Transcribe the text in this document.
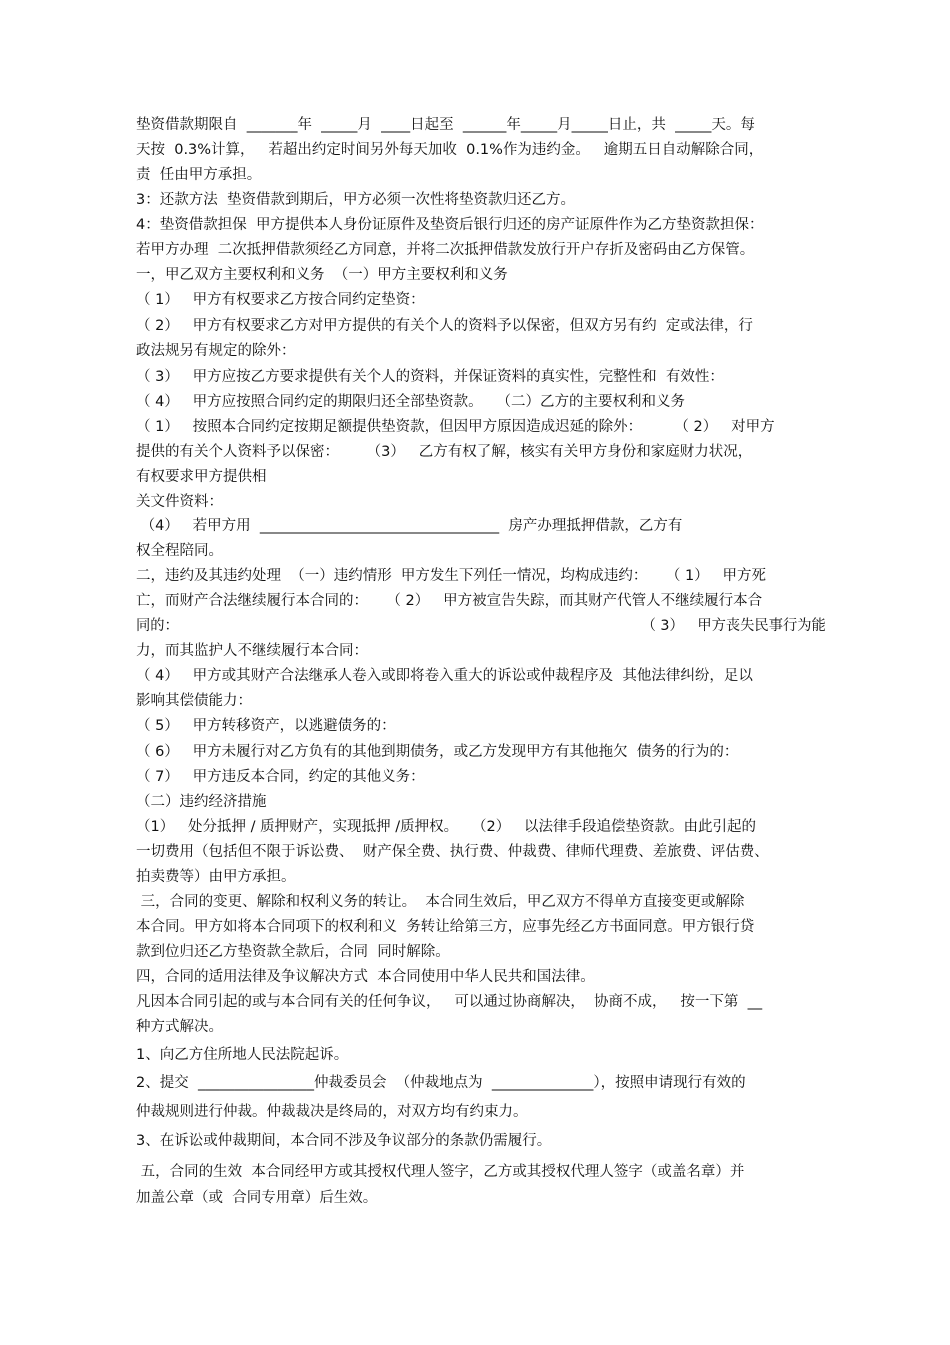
垫资借款期限自  _______年  _____月  ____日起至  ______年_____月_____日止，共  _____天。每
天按  0.3%计算，   若超出约定时间另外每天加收  0.1%作为违约金。   逾期五日自动解除合同，
责  任由甲方承担。
3：还款方法  垫资借款到期后，甲方必须一次性将垫资款归还乙方。
4：垫资借款担保  甲方提供本人身份证原件及垫资后银行归还的房产证原件作为乙方垫资款担保：
若甲方办理  二次抵押借款须经乙方同意，并将二次抵押借款发放行开户存折及密码由乙方保管。
一，甲乙双方主要权利和义务  （一）甲方主要权利和义务
（ 1）   甲方有权要求乙方按合同约定垫资：
（ 2）   甲方有权要求乙方对甲方提供的有关个人的资料予以保密，但双方另有约  定或法律，行
政法规另有规定的除外：
（ 3）   甲方应按乙方要求提供有关个人的资料，并保证资料的真实性，完整性和  有效性：
（ 4）   甲方应按照合同约定的期限归还全部垫资款。   （二）乙方的主要权利和义务
（ 1）   按照本合同约定按期足额提供垫资款，但因甲方原因造成迟延的除外：       （ 2）   对甲方
提供的有关个人资料予以保密：      （3）   乙方有权了解，核实有关甲方身份和家庭财力状况，
有权要求甲方提供相
关文件资料：
（4）   若甲方用  _________________________________  房产办理抵押借款，乙方有
权全程陪同。
二，违约及其违约处理  （一）违约情形  甲方发生下列任一情况，均构成违约：    （ 1）   甲方死
亡，而财产合法继续履行本合同的：    （ 2）   甲方被宣告失踪，而其财产代管人不继续履行本合
同的：                                                                                                      （ 3）   甲方丧失民事行为能
力，而其监护人不继续履行本合同：
（ 4）   甲方或其财产合法继承人卷入或即将卷入重大的诉讼或仲裁程序及  其他法律纠纷，足以
影响其偿债能力：
（ 5）   甲方转移资产，以逃避债务的：
（ 6）   甲方未履行对乙方负有的其他到期债务，或乙方发现甲方有其他拖欠  债务的行为的：
（ 7）   甲方违反本合同，约定的其他义务：
（二）违约经济措施
（1）   处分抵押 / 质押财产，实现抵押 /质押权。   （2）   以法律手段追偿垫资款。由此引起的
一切费用（包括但不限于诉讼费、  财产保全费、执行费、仲裁费、律师代理费、差旅费、评估费、
拍卖费等）由甲方承担。
三，合同的变更、解除和权利义务的转让。  本合同生效后，甲乙双方不得单方直接变更或解除
本合同。甲方如将本合同项下的权利和义  务转让给第三方，应事先经乙方书面同意。甲方银行贷
款到位归还乙方垫资款全款后，合同  同时解除。
四，合同的适用法律及争议解决方式  本合同使用中华人民共和国法律。
凡因本合同引起的或与本合同有关的任何争议，   可以通过协商解决，  协商不成，   按一下第  __
种方式解决。
1、向乙方住所地人民法院起诉。
2、提交  ________________仲裁委员会  （仲裁地点为  ______________），按照申请现行有效的
仲裁规则进行仲裁。仲裁裁决是终局的，对双方均有约束力。
3、在诉讼或仲裁期间，本合同不涉及争议部分的条款仍需履行。
五，合同的生效  本合同经甲方或其授权代理人签字，乙方或其授权代理人签字（或盖名章）并
加盖公章（或  合同专用章）后生效。
